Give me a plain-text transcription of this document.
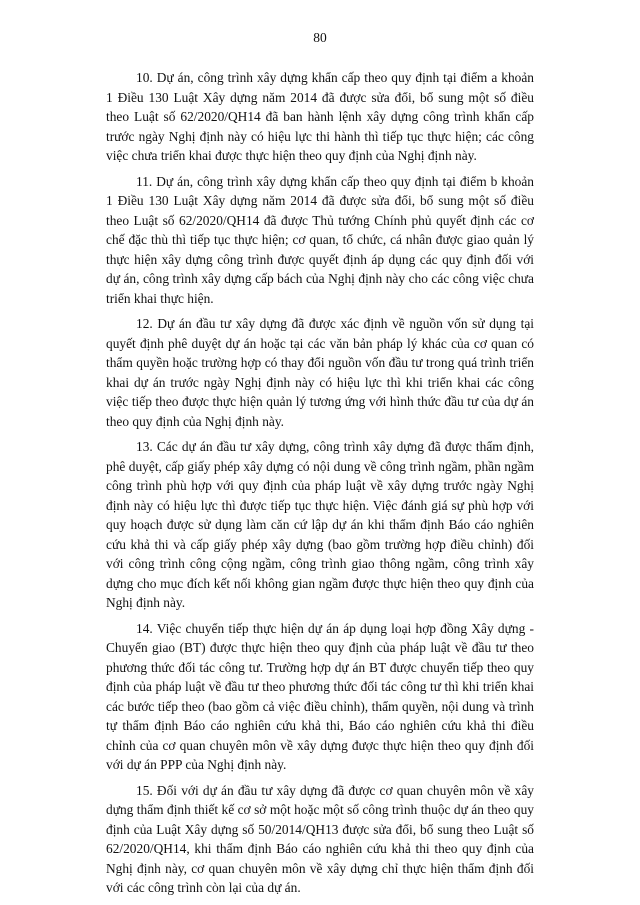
80

10. Dự án, công trình xây dựng khẩn cấp theo quy định tại điểm a khoản 1 Điều 130 Luật Xây dựng năm 2014 đã được sửa đổi, bổ sung một số điều theo Luật số 62/2020/QH14 đã ban hành lệnh xây dựng công trình khẩn cấp trước ngày Nghị định này có hiệu lực thi hành thì tiếp tục thực hiện; các công việc chưa triển khai được thực hiện theo quy định của Nghị định này.

11. Dự án, công trình xây dựng khẩn cấp theo quy định tại điểm b khoản 1 Điều 130 Luật Xây dựng năm 2014 đã được sửa đổi, bổ sung một số điều theo Luật số 62/2020/QH14 đã được Thủ tướng Chính phủ quyết định các cơ chế đặc thù thì tiếp tục thực hiện; cơ quan, tổ chức, cá nhân được giao quản lý thực hiện xây dựng công trình được quyết định áp dụng các quy định đối với dự án, công trình xây dựng cấp bách của Nghị định này cho các công việc chưa triển khai thực hiện.

12. Dự án đầu tư xây dựng đã được xác định về nguồn vốn sử dụng tại quyết định phê duyệt dự án hoặc tại các văn bản pháp lý khác của cơ quan có thẩm quyền hoặc trường hợp có thay đổi nguồn vốn đầu tư trong quá trình triển khai dự án trước ngày Nghị định này có hiệu lực thì khi triển khai các công việc tiếp theo được thực hiện quản lý tương ứng với hình thức đầu tư của dự án theo quy định của Nghị định này.

13. Các dự án đầu tư xây dựng, công trình xây dựng đã được thẩm định, phê duyệt, cấp giấy phép xây dựng có nội dung về công trình ngầm, phần ngầm công trình phù hợp với quy định của pháp luật về xây dựng trước ngày Nghị định này có hiệu lực thì được tiếp tục thực hiện. Việc đánh giá sự phù hợp với quy hoạch được sử dụng làm căn cứ lập dự án khi thẩm định Báo cáo nghiên cứu khả thi và cấp giấy phép xây dựng (bao gồm trường hợp điều chỉnh) đối với công trình công cộng ngầm, công trình giao thông ngầm, công trình xây dựng cho mục đích kết nối không gian ngầm được thực hiện theo quy định của Nghị định này.

14. Việc chuyển tiếp thực hiện dự án áp dụng loại hợp đồng Xây dựng - Chuyển giao (BT) được thực hiện theo quy định của pháp luật về đầu tư theo phương thức đối tác công tư. Trường hợp dự án BT được chuyển tiếp theo quy định của pháp luật về đầu tư theo phương thức đối tác công tư thì khi triển khai các bước tiếp theo (bao gồm cả việc điều chỉnh), thẩm quyền, nội dung và trình tự thẩm định Báo cáo nghiên cứu khả thi, Báo cáo nghiên cứu khả thi điều chỉnh của cơ quan chuyên môn về xây dựng được thực hiện theo quy định đối với dự án PPP của Nghị định này.

15. Đối với dự án đầu tư xây dựng đã được cơ quan chuyên môn về xây dựng thẩm định thiết kế cơ sở một hoặc một số công trình thuộc dự án theo quy định của Luật Xây dựng số 50/2014/QH13 được sửa đổi, bổ sung theo Luật số 62/2020/QH14, khi thẩm định Báo cáo nghiên cứu khả thi theo quy định của Nghị định này, cơ quan chuyên môn về xây dựng chỉ thực hiện thẩm định đối với các công trình còn lại của dự án.
